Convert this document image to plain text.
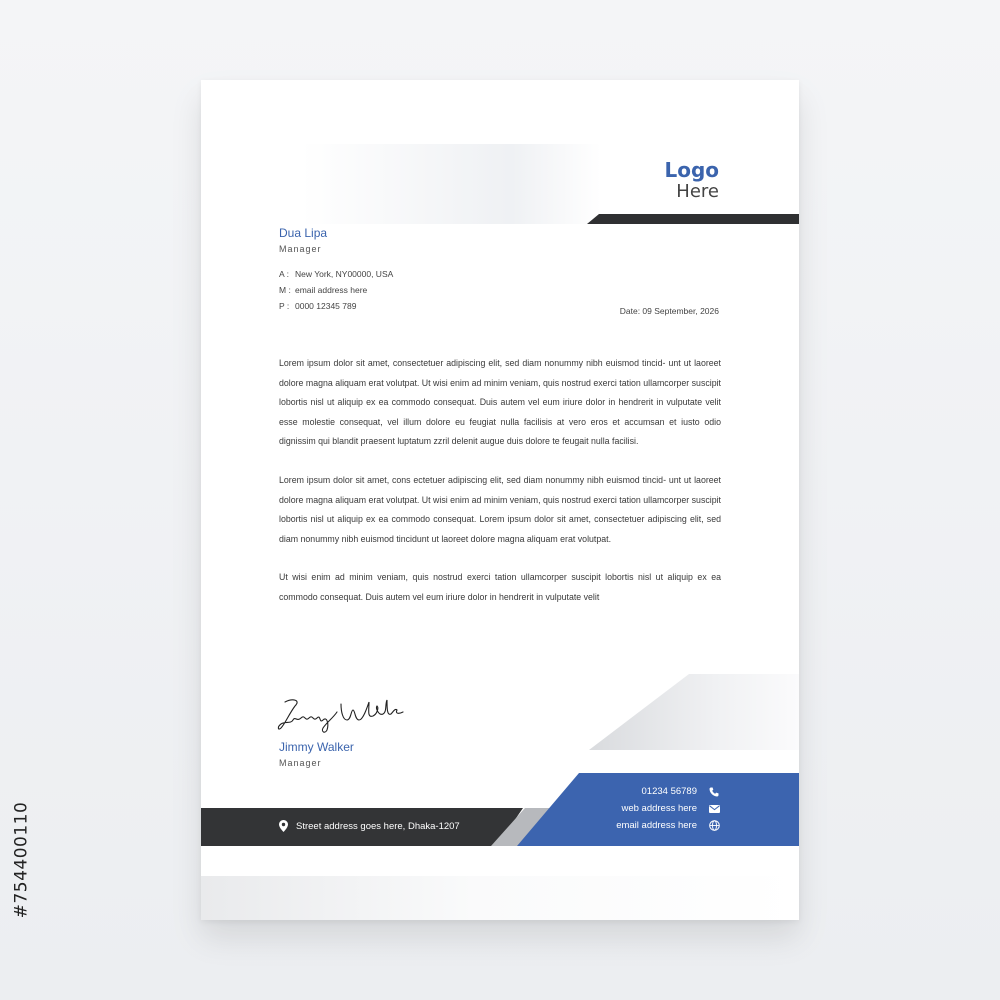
#754400110
Logo
Here
Dua Lipa
Manager
A : New York, NY00000, USA
M : email address here
P : 0000 12345 789	Date: 09 September, 2026

Lorem ipsum dolor sit amet, consectetuer adipiscing elit, sed diam nonummy nibh euismod tincid- unt ut laoreet dolore magna aliquam erat volutpat. Ut wisi enim ad minim veniam, quis nostrud exerci tation ullamcorper suscipit lobortis nisl ut aliquip ex ea commodo consequat. Duis autem vel eum iriure dolor in hendrerit in vulputate velit esse molestie consequat, vel illum dolore eu feugiat nulla facilisis at vero eros et accumsan et iusto odio dignissim qui blandit praesent luptatum zzril delenit augue duis dolore te feugait nulla facilisi.

Lorem ipsum dolor sit amet, cons ectetuer adipiscing elit, sed diam nonummy nibh euismod tincid- unt ut laoreet dolore magna aliquam erat volutpat. Ut wisi enim ad minim veniam, quis nostrud exerci tation ullamcorper suscipit lobortis nisl ut aliquip ex ea commodo consequat. Lorem ipsum dolor sit amet, consectetuer adipiscing elit, sed diam nonummy nibh euismod tincidunt ut laoreet dolore magna aliquam erat volutpat.

Ut wisi enim ad minim veniam, quis nostrud exerci tation ullamcorper suscipit lobortis nisl ut aliquip ex ea commodo consequat. Duis autem vel eum iriure dolor in hendrerit in vulputate velit

Jimmy Walker
Manager
Street address goes here, Dhaka-1207
01234 56789
web address here
email address here
